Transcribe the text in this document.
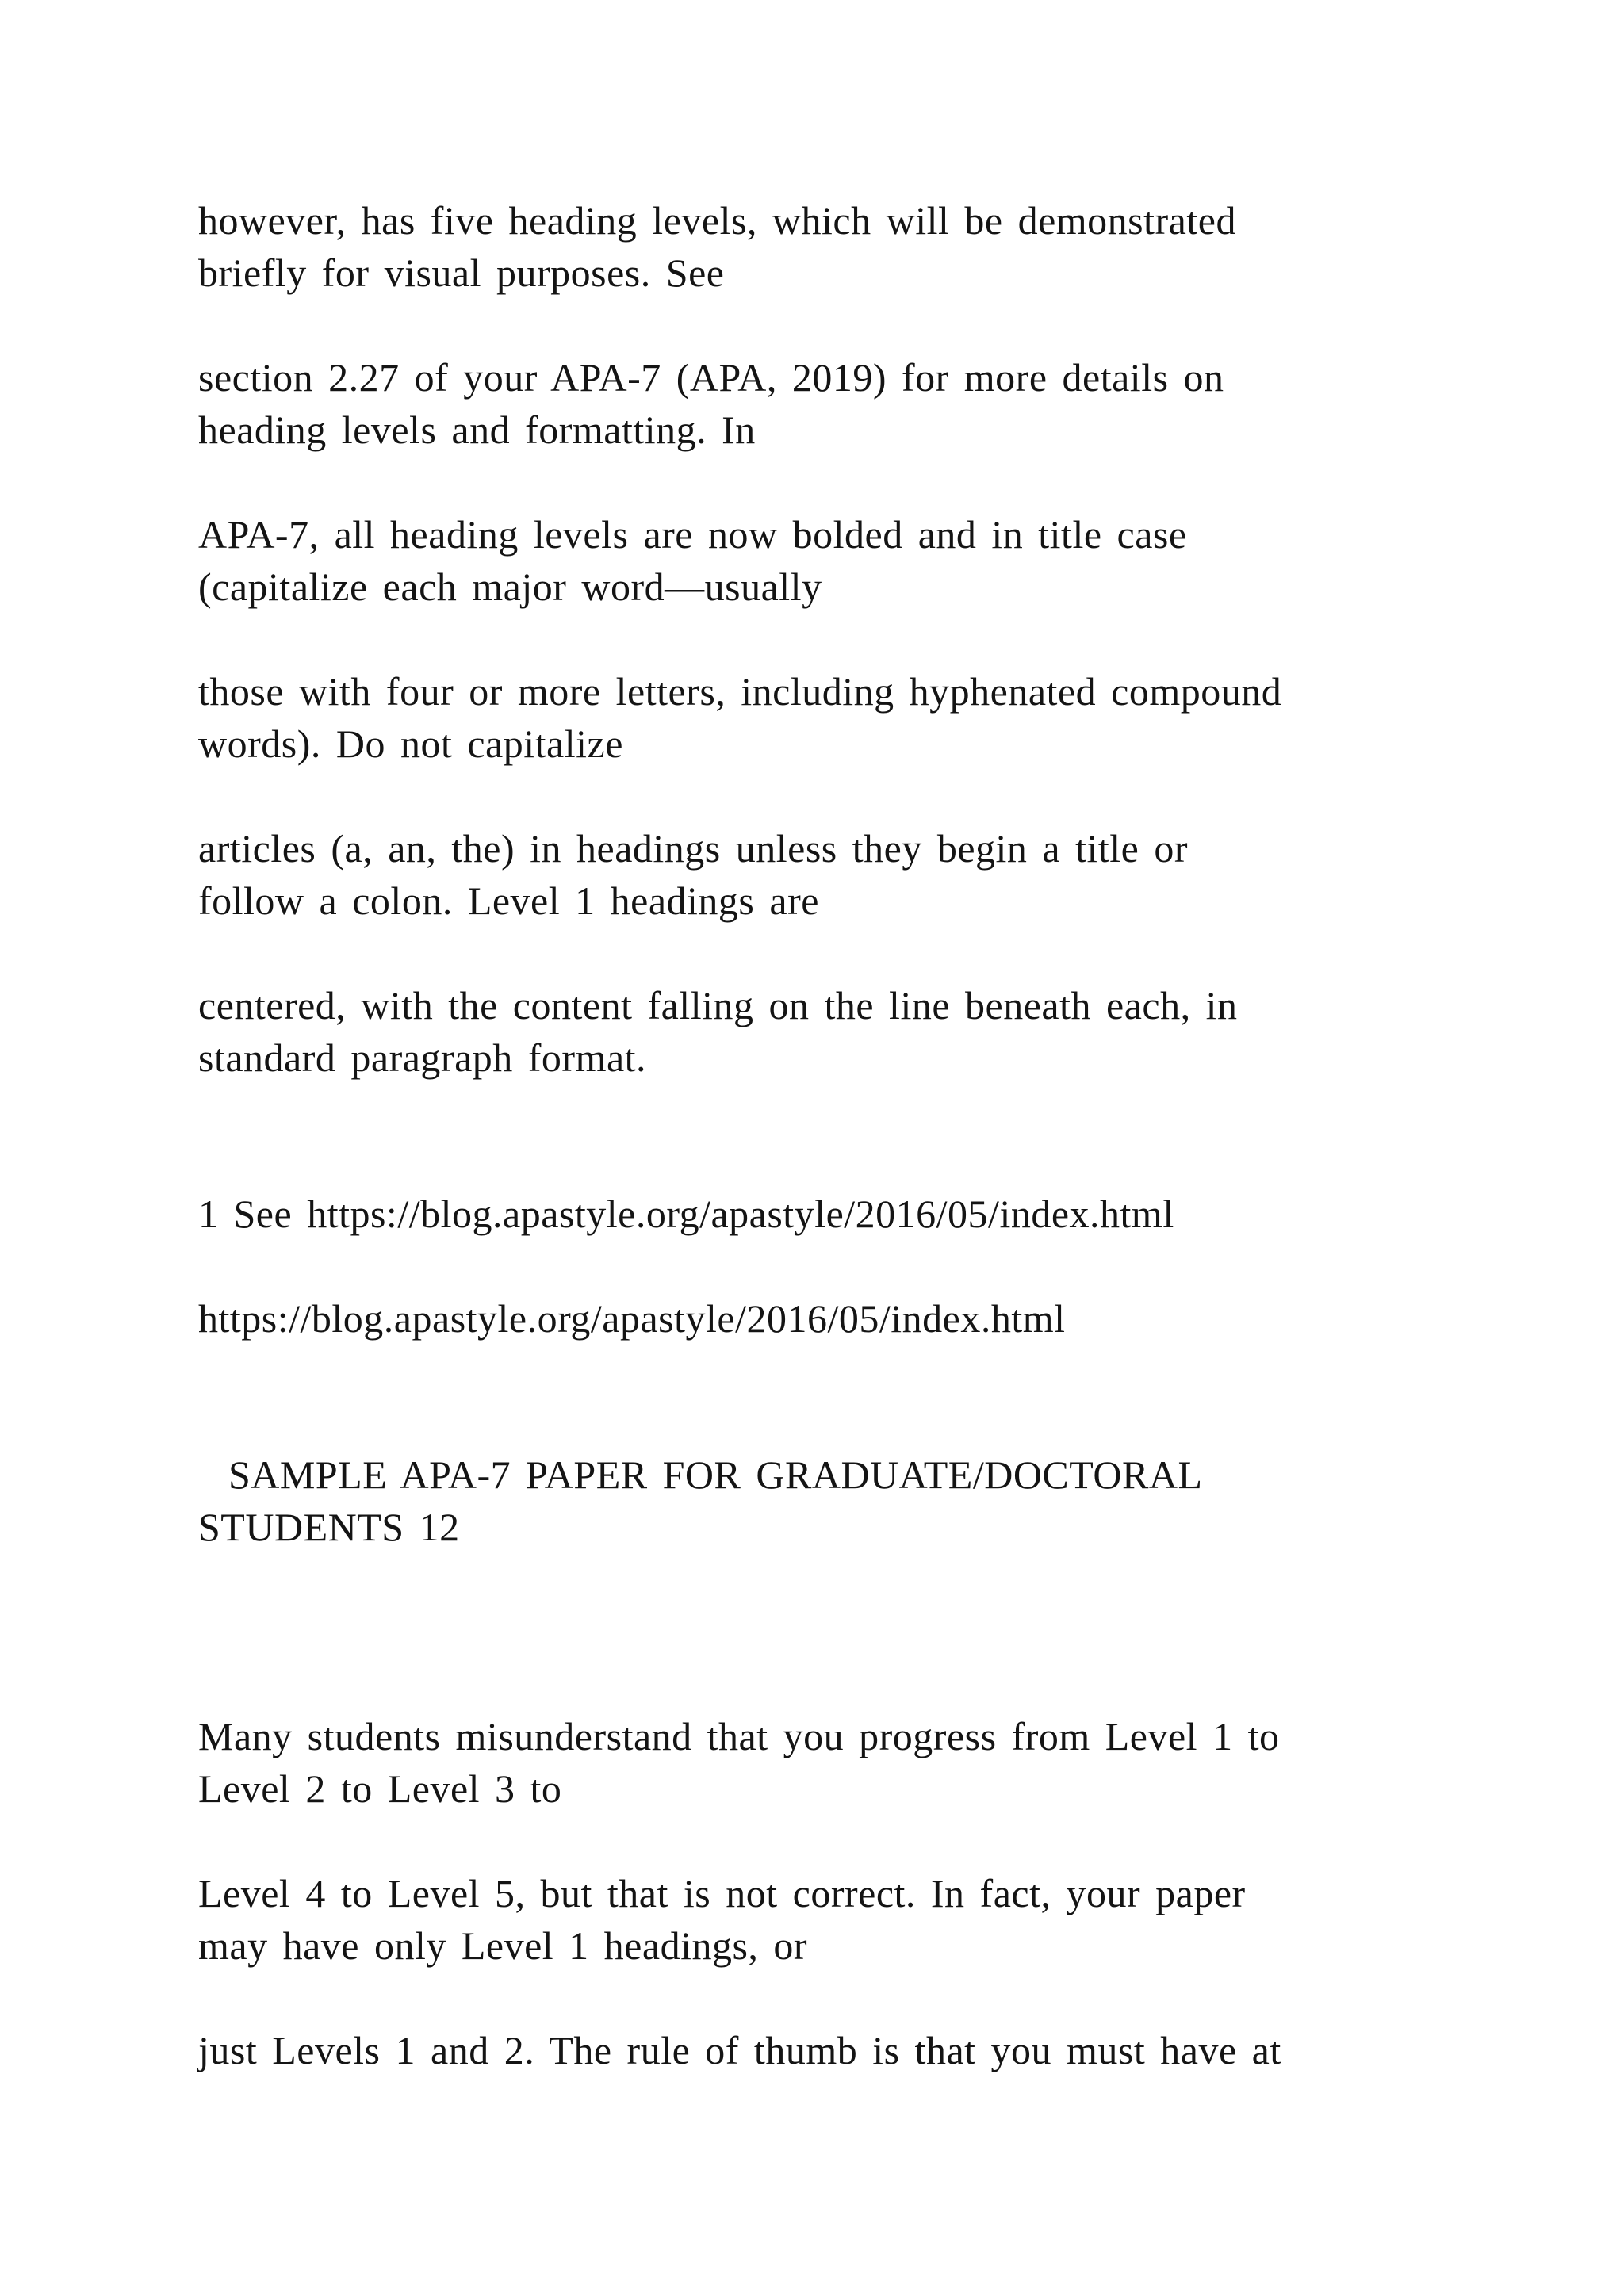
however, has five heading levels, which will be demonstrated

briefly for visual purposes. See

section 2.27 of your APA-7 (APA, 2019) for more details on

heading levels and formatting. In

APA-7, all heading levels are now bolded and in title case

(capitalize each major word—usually

those with four or more letters, including hyphenated compound

words). Do not capitalize

articles (a, an, the) in headings unless they begin a title or

follow a colon. Level 1 headings are

centered, with the content falling on the line beneath each, in

standard paragraph format.

1 See https://blog.apastyle.org/apastyle/2016/05/index.html

https://blog.apastyle.org/apastyle/2016/05/index.html

SAMPLE APA-7 PAPER FOR GRADUATE/DOCTORAL

STUDENTS 12

Many students misunderstand that you progress from Level 1 to

Level 2 to Level 3 to

Level 4 to Level 5, but that is not correct. In fact, your paper

may have only Level 1 headings, or

just Levels 1 and 2. The rule of thumb is that you must have at
